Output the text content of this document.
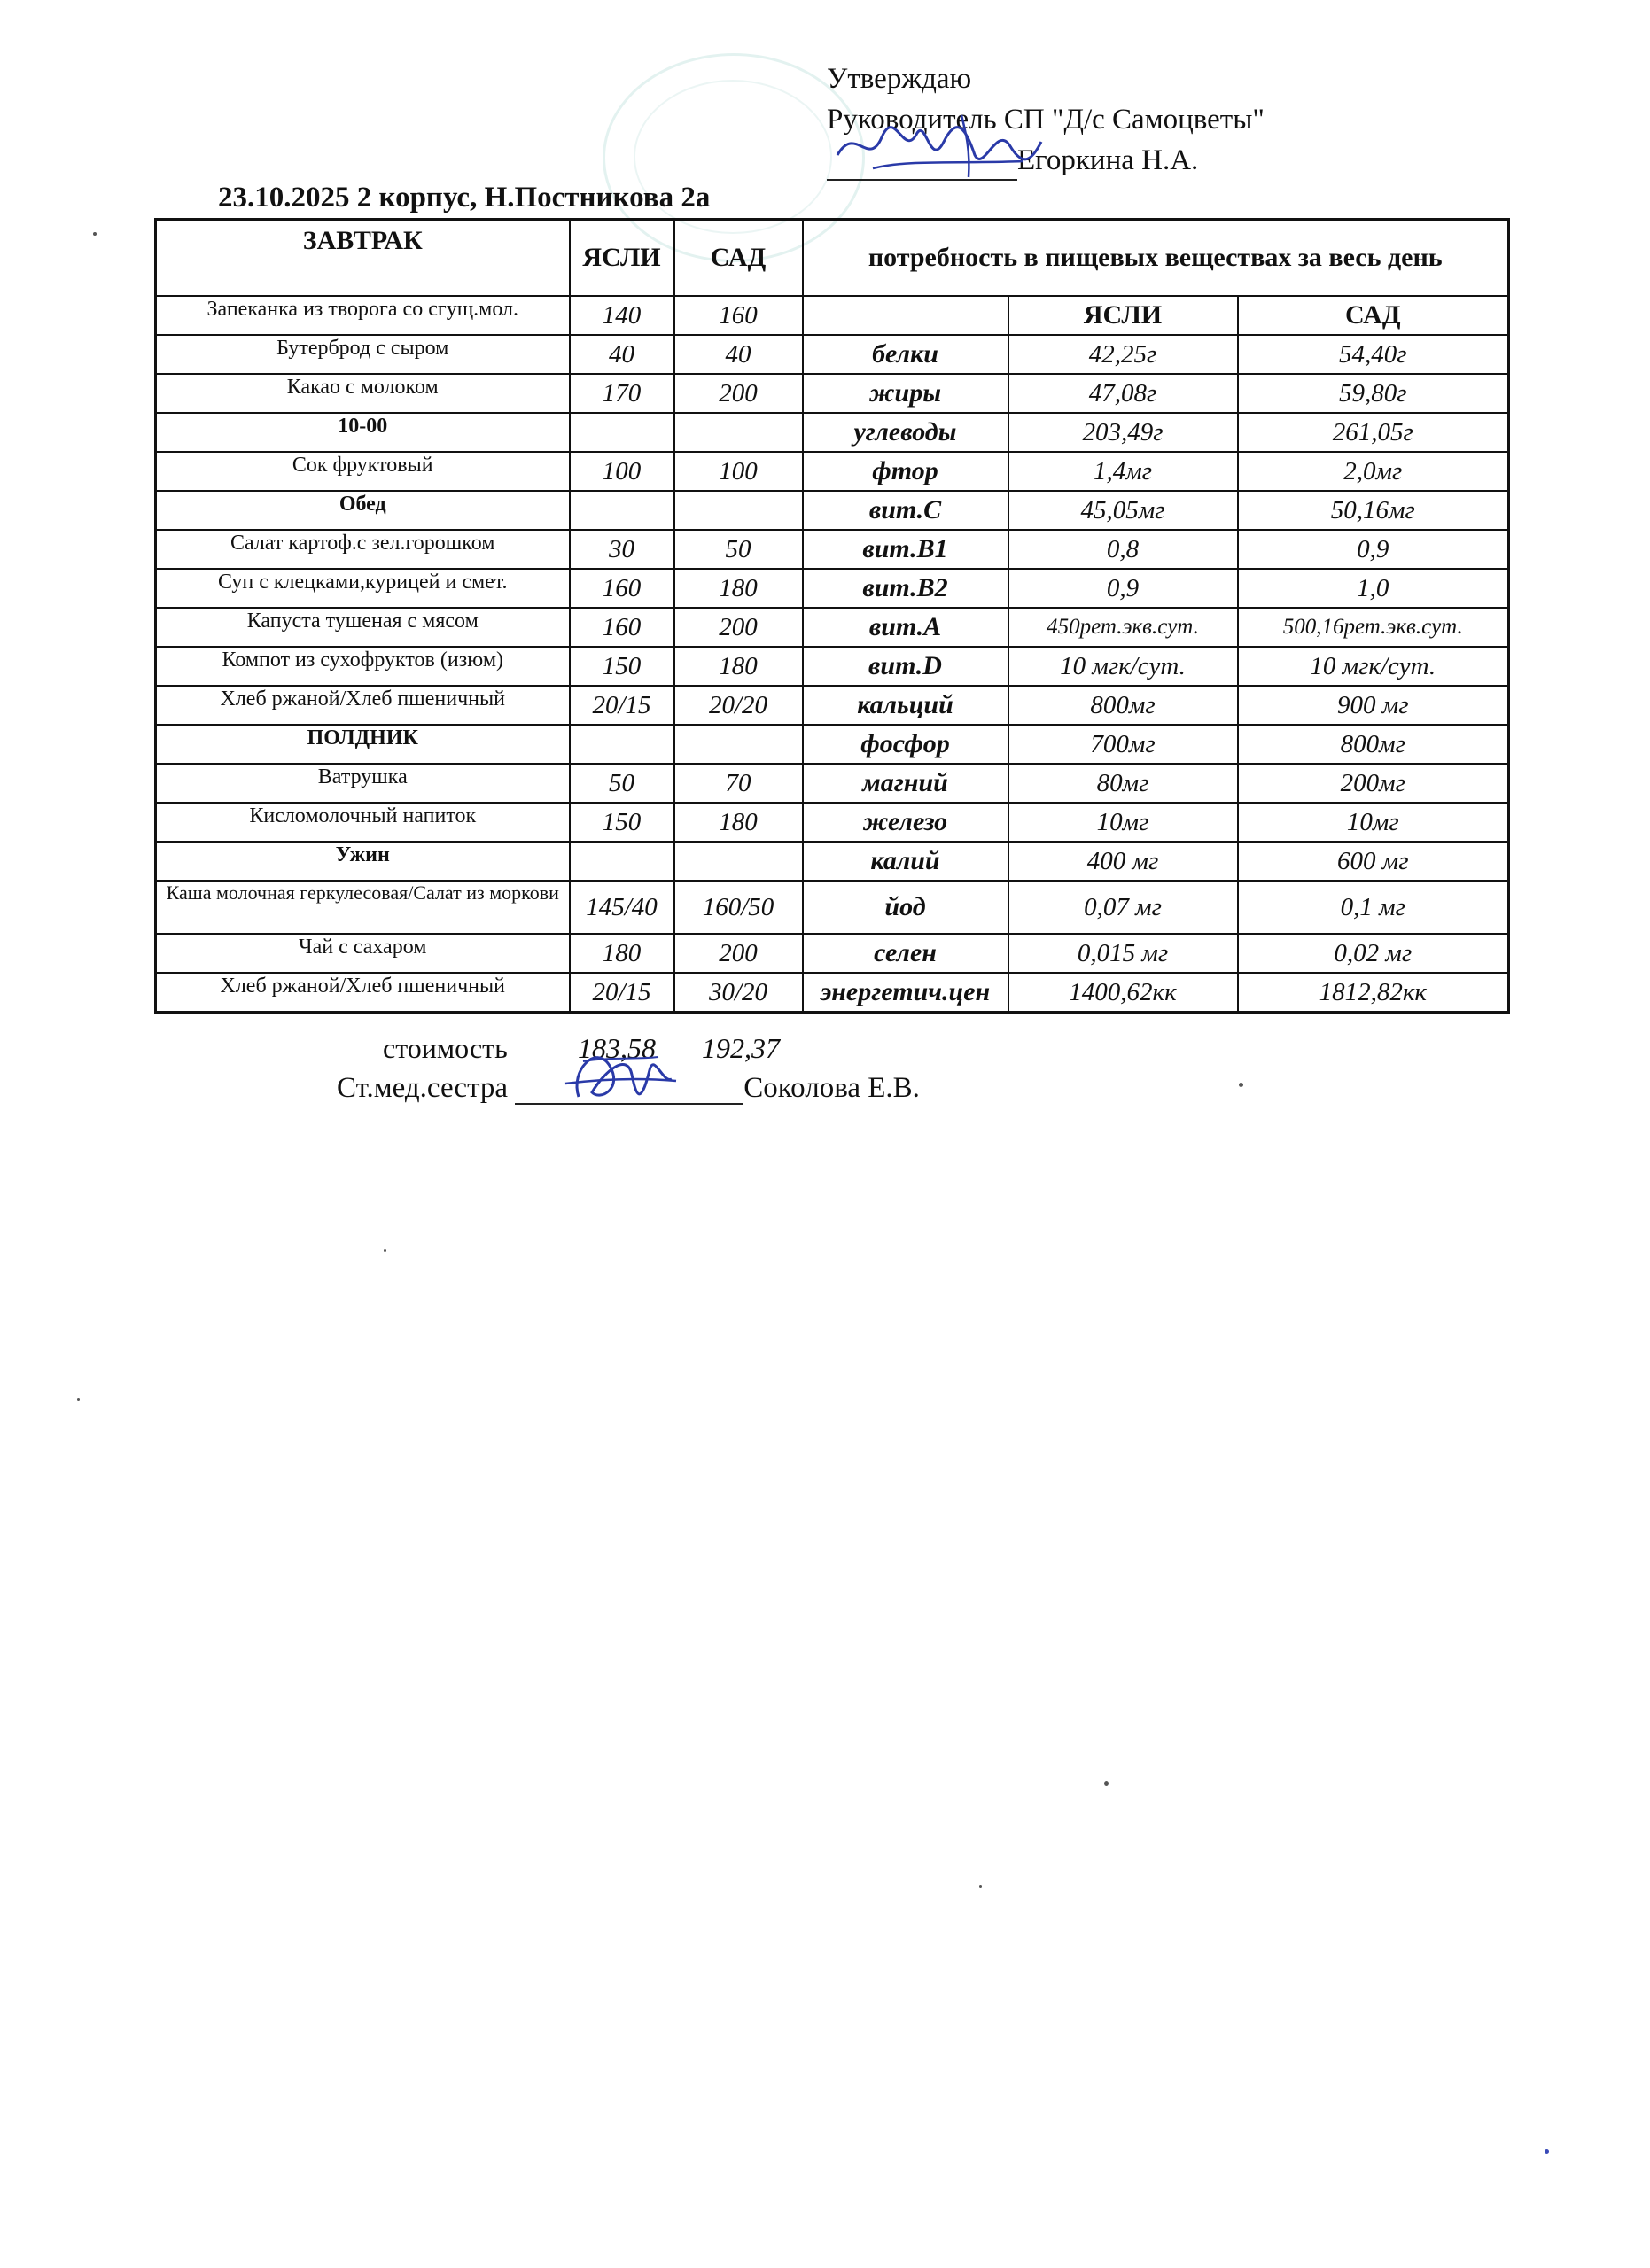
Утверждаю
Руководитель СП "Д/с Самоцветы"
Егоркина Н.А.
23.10.2025 2 корпус, Н.Постникова 2а
ЗАВТРАК	ЯСЛИ	САД	потребность в пищевых веществах за весь день		
Запеканка из творога со сгущ.мол.	140	160		ЯСЛИ	САД
Бутерброд с сыром	40	40	белки	42,25г	54,40г
Какао с молоком	170	200	жиры	47,08г	59,80г
10-00			углеводы	203,49г	261,05г
Сок фруктовый	100	100	фтор	1,4мг	2,0мг
Обед			вит.С	45,05мг	50,16мг
Салат картоф.с зел.горошком	30	50	вит.В1	0,8	0,9
Суп с клецками,курицей и смет.	160	180	вит.В2	0,9	1,0
Капуста тушеная с мясом	160	200	вит.А	450рет.экв.сут.	500,16рет.экв.сут.
Компот из сухофруктов (изюм)	150	180	вит.D	10 мгк/сут.	10 мгк/сут.
Хлеб ржаной/Хлеб пшеничный	20/15	20/20	кальций	800мг	900 мг
ПОЛДНИК			фосфор	700мг	800мг
Ватрушка	50	70	магний	80мг	200мг
Кисломолочный напиток	150	180	железо	10мг	10мг
Ужин			калий	400 мг	600 мг
Каша молочная геркулесовая/Салат из моркови	145/40	160/50	йод	0,07 мг	0,1 мг
Чай с сахаром	180	200	селен	0,015 мг	0,02 мг
Хлеб ржаной/Хлеб пшеничный	20/15	30/20	энергетич.цен	1400,62кк	1812,82кк
стоимость 183,58 192,37
Ст.мед.сестра	Соколова Е.В.
